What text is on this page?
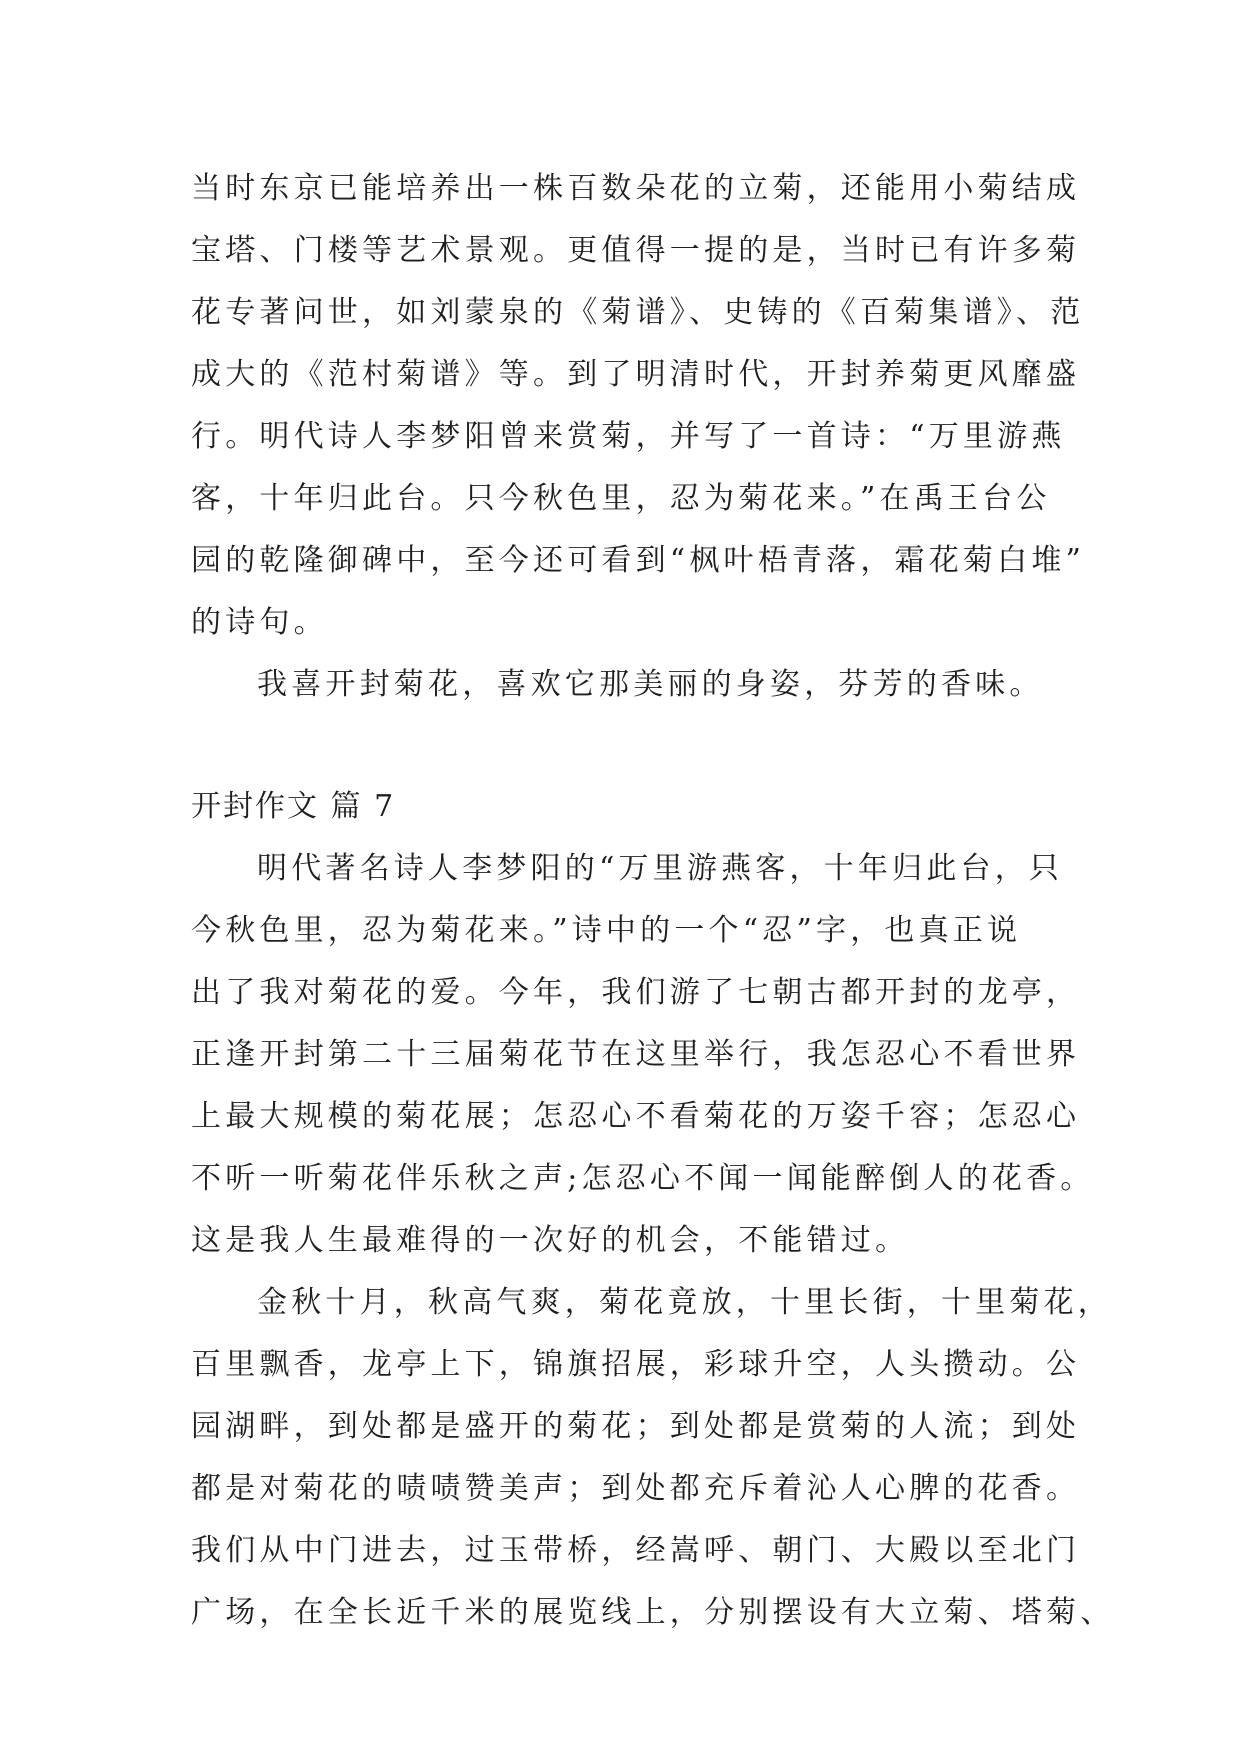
当时东京已能培养出一株百数朵花的立菊，还能用小菊结成
宝塔、门楼等艺术景观。更值得一提的是，当时已有许多菊
花专著问世，如刘蒙泉的《菊谱》、史铸的《百菊集谱》、范
成大的《范村菊谱》等。到了明清时代，开封养菊更风靡盛
行。明代诗人李梦阳曾来赏菊，并写了一首诗：“万里游燕
客，十年归此台。只今秋色里，忍为菊花来。”在禹王台公
园的乾隆御碑中，至今还可看到“枫叶梧青落，霜花菊白堆”
的诗句。
我喜开封菊花，喜欢它那美丽的身姿，芬芳的香味。
开封作文 篇 7
明代著名诗人李梦阳的“万里游燕客，十年归此台，只
今秋色里，忍为菊花来。”诗中的一个“忍”字，也真正说
出了我对菊花的爱。今年，我们游了七朝古都开封的龙亭，
正逢开封第二十三届菊花节在这里举行，我怎忍心不看世界
上最大规模的菊花展；怎忍心不看菊花的万姿千容；怎忍心
不听一听菊花伴乐秋之声;怎忍心不闻一闻能醉倒人的花香。
这是我人生最难得的一次好的机会，不能错过。
金秋十月，秋高气爽，菊花竟放，十里长街，十里菊花，
百里飘香，龙亭上下，锦旗招展，彩球升空，人头攒动。公
园湖畔，到处都是盛开的菊花；到处都是赏菊的人流；到处
都是对菊花的啧啧赞美声；到处都充斥着沁人心脾的花香。
我们从中门进去，过玉带桥，经嵩呼、朝门、大殿以至北门
广场，在全长近千米的展览线上，分别摆设有大立菊、塔菊、
